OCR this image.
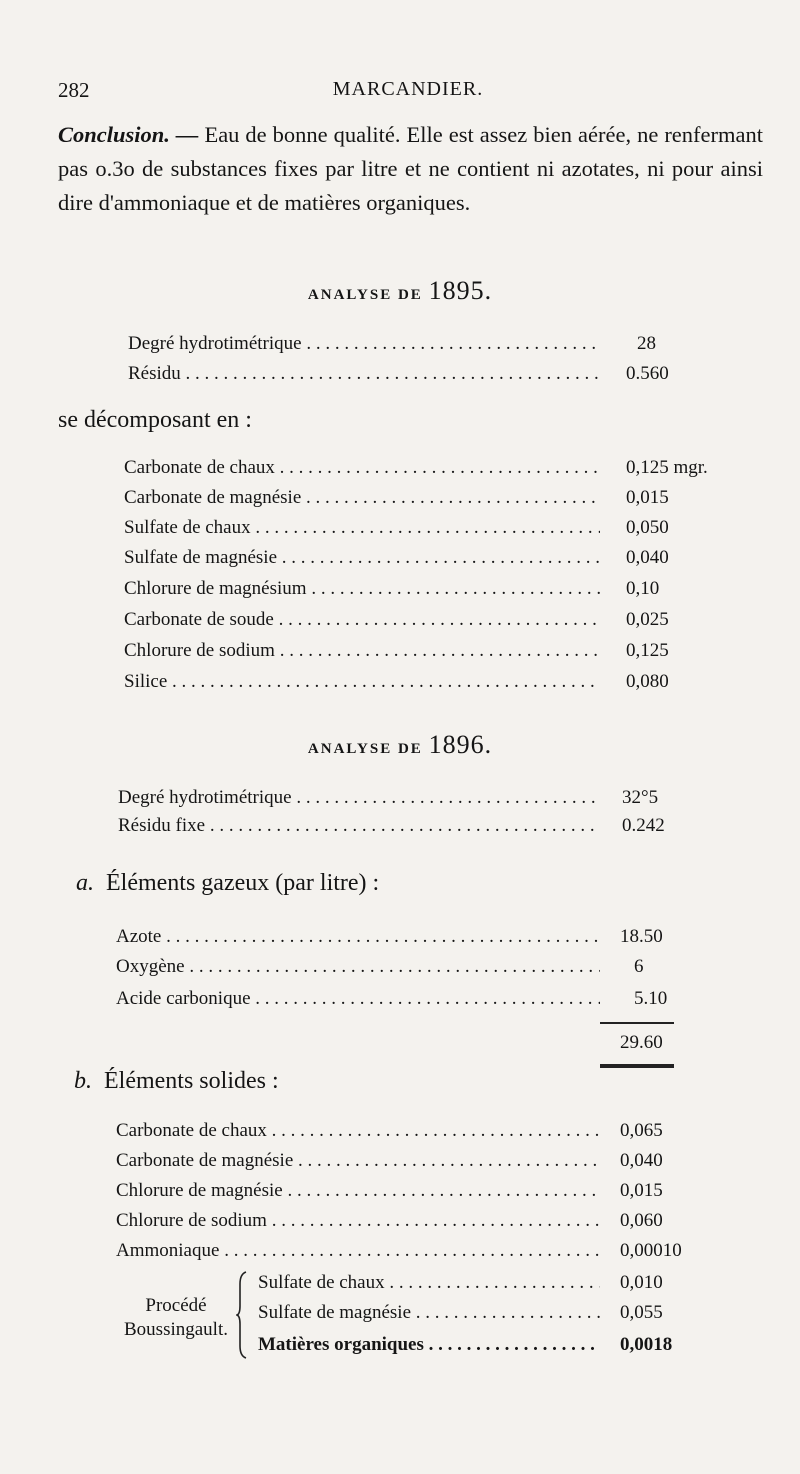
282	MARCANDIER.

Conclusion. — Eau de bonne qualité. Elle est assez bien aérée, ne renfermant pas o.3o de substances fixes par litre et ne contient ni azotates, ni pour ainsi dire d'ammoniaque et de matières organiques.

ANALYSE DE 1895.
Degré hydrotimétrique . . .	28
Résidu . . .	0.560
se décomposant en :
Carbonate de chaux . . .	0,125 mgr.
Carbonate de magnésie . . .	0,015
Sulfate de chaux . . .	0,050
Sulfate de magnésie . . .	0,040
Chlorure de magnésium . . .	0,10
Carbonate de soude . . .	0,025
Chlorure de sodium . . .	0,125
Silice . . .	0,080
ANALYSE DE 1896.
Degré hydrotimétrique . . .	32°5
Résidu fixe . . .	0.242
a. Éléments gazeux (par litre) :
Azote . . .	18.50
Oxygène . . .	6
Acide carbonique . . .	5.10
29.60
b. Éléments solides :
Carbonate de chaux . . .	0,065
Carbonate de magnésie . . .	0,040
Chlorure de magnésie . . .	0,015
Chlorure de sodium . . .	0,060
Ammoniaque . . .	0,00010
Procédé
Boussingault.
Sulfate de chaux . . .	0,010
Sulfate de magnésie . . .	0,055
Matières organiques . . .	0,0018
